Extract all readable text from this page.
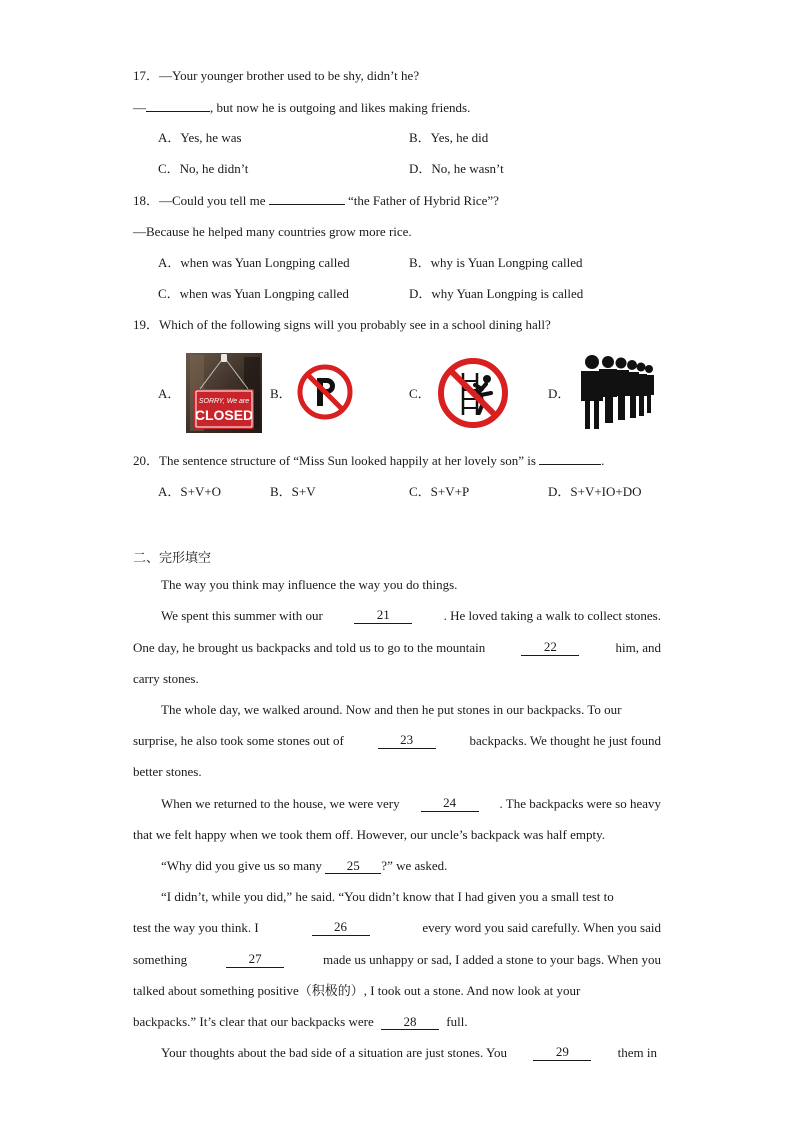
17．—Your younger brother used to be shy, didn’t he?
—	, but now he is outgoing and likes making friends.
A．Yes, he was	B．Yes, he did
C．No, he didn’t	D．No, he wasn’t
18．—Could you tell me	“the Father of Hybrid Rice”?
—Because he helped many countries grow more rice.
A．when was Yuan Longping called	B．why is Yuan Longping called
C．when was Yuan Longping called	D．why Yuan Longping is called
19．Which of the following signs will you probably see in a school dining hall?
A．
SORRY, We are
CLOSED
B．	C．	D．
20．The sentence structure of “Miss Sun looked happily at her lovely son” is	.
A．S+V+O	B．S+V	C．S+V+P	D．S+V+IO+DO
二、完形填空
The way you think may influence the way you do things.
We spent this summer with our	21	. He loved taking a walk to collect stones.
One day, he brought us backpacks and told us to go to the mountain	22	him, and
carry stones.
The whole day, we walked around. Now and then he put stones in our backpacks. To our
surprise, he also took some stones out of	23	backpacks. We thought he just found
better stones.
When we returned to the house, we were very	24	. The backpacks were so heavy
that we felt happy when we took them off. However, our uncle’s backpack was half empty.
“Why did you give us so many 25 ?” we asked.
“I didn’t, while you did,” he said. “You didn’t know that I had given you a small test to
test the way you think. I	26	every word you said carefully. When you said
something	27	made us unhappy or sad, I added a stone to your bags. When you
talked about something positive（积极的）, I took out a stone. And now look at your
backpacks.” It’s clear that our backpacks were 28 full.
Your thoughts about the bad side of a situation are just stones. You	29	them in
